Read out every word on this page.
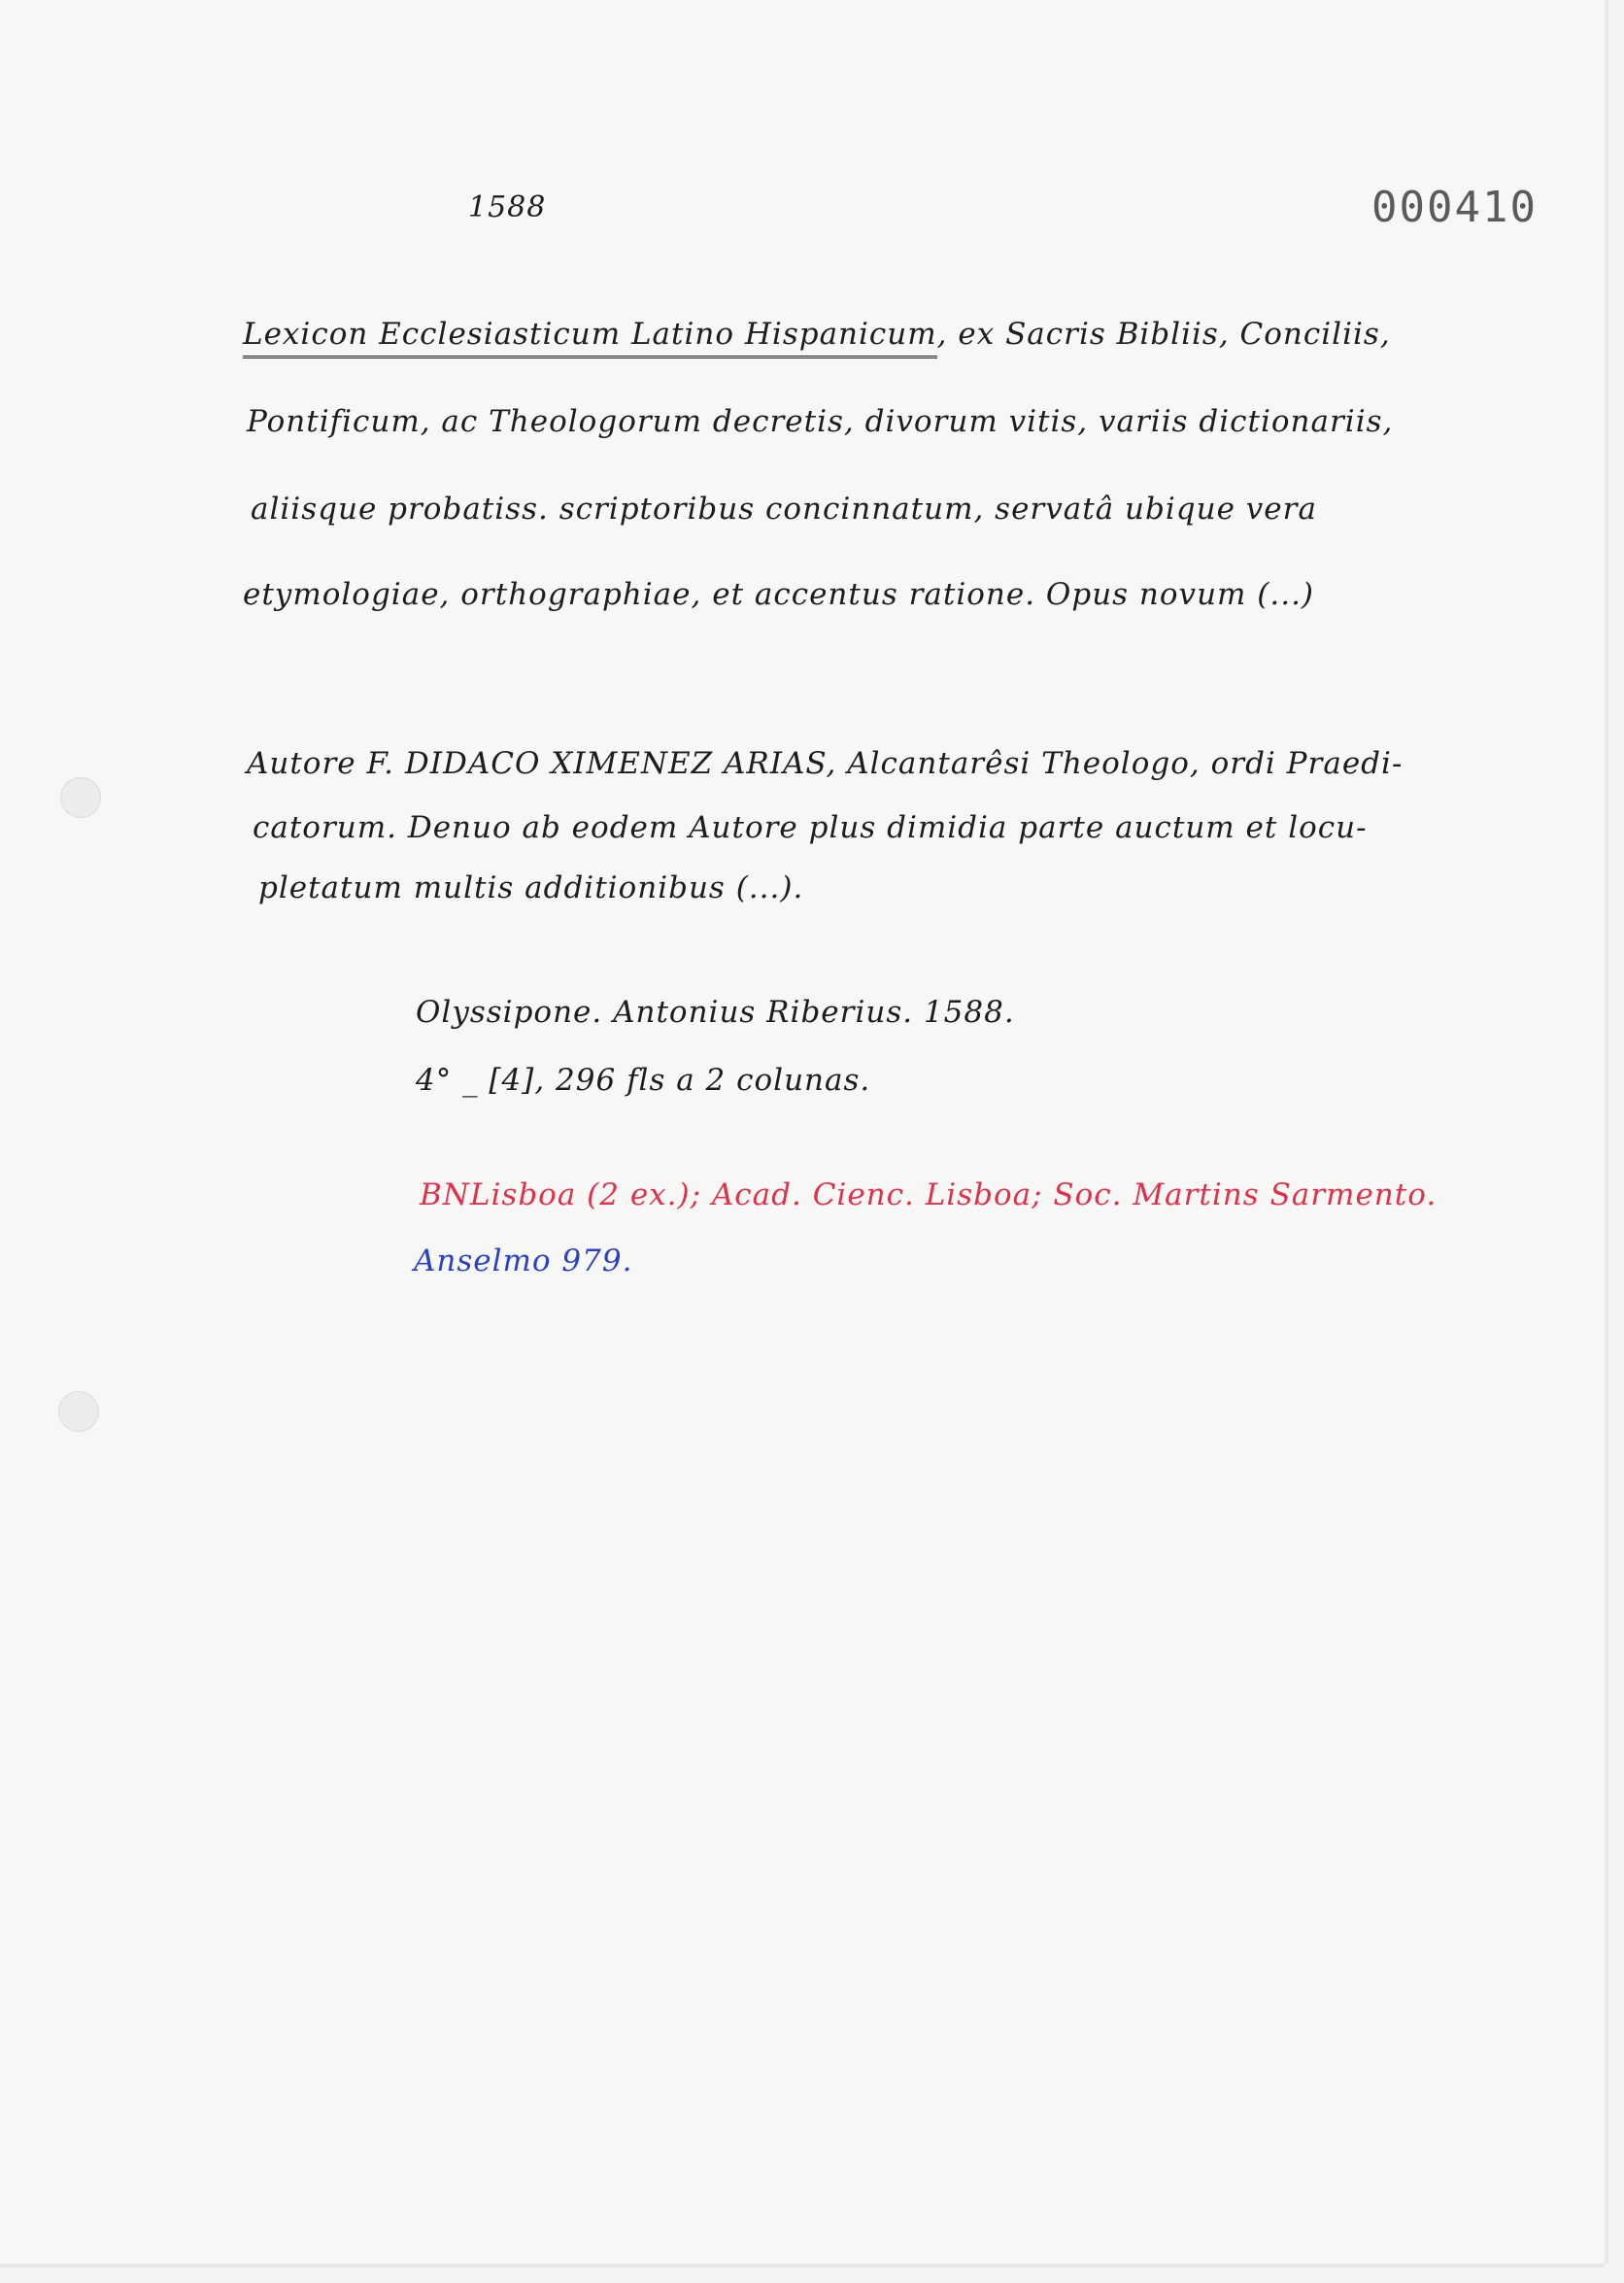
1588	000410
Lexicon Ecclesiasticum Latino Hispanicum, ex Sacris Bibliis, Conciliis,
Pontificum, ac Theologorum decretis, divorum vitis, variis dictionariis,
aliisque probatiss. scriptoribus concinnatum, servatâ ubique vera
etymologiae, orthographiae, et accentus ratione. Opus novum (...)
Autore F. DIDACO XIMENEZ ARIAS, Alcantarêsi Theologo, ordi Praedi-
catorum. Denuo ab eodem Autore plus dimidia parte auctum et locu-
pletatum multis additionibus (...).
Olyssipone. Antonius Riberius. 1588.
4° _ [4], 296 fls a 2 colunas.
BNLisboa (2 ex.); Acad. Cienc. Lisboa; Soc. Martins Sarmento.
Anselmo 979.
